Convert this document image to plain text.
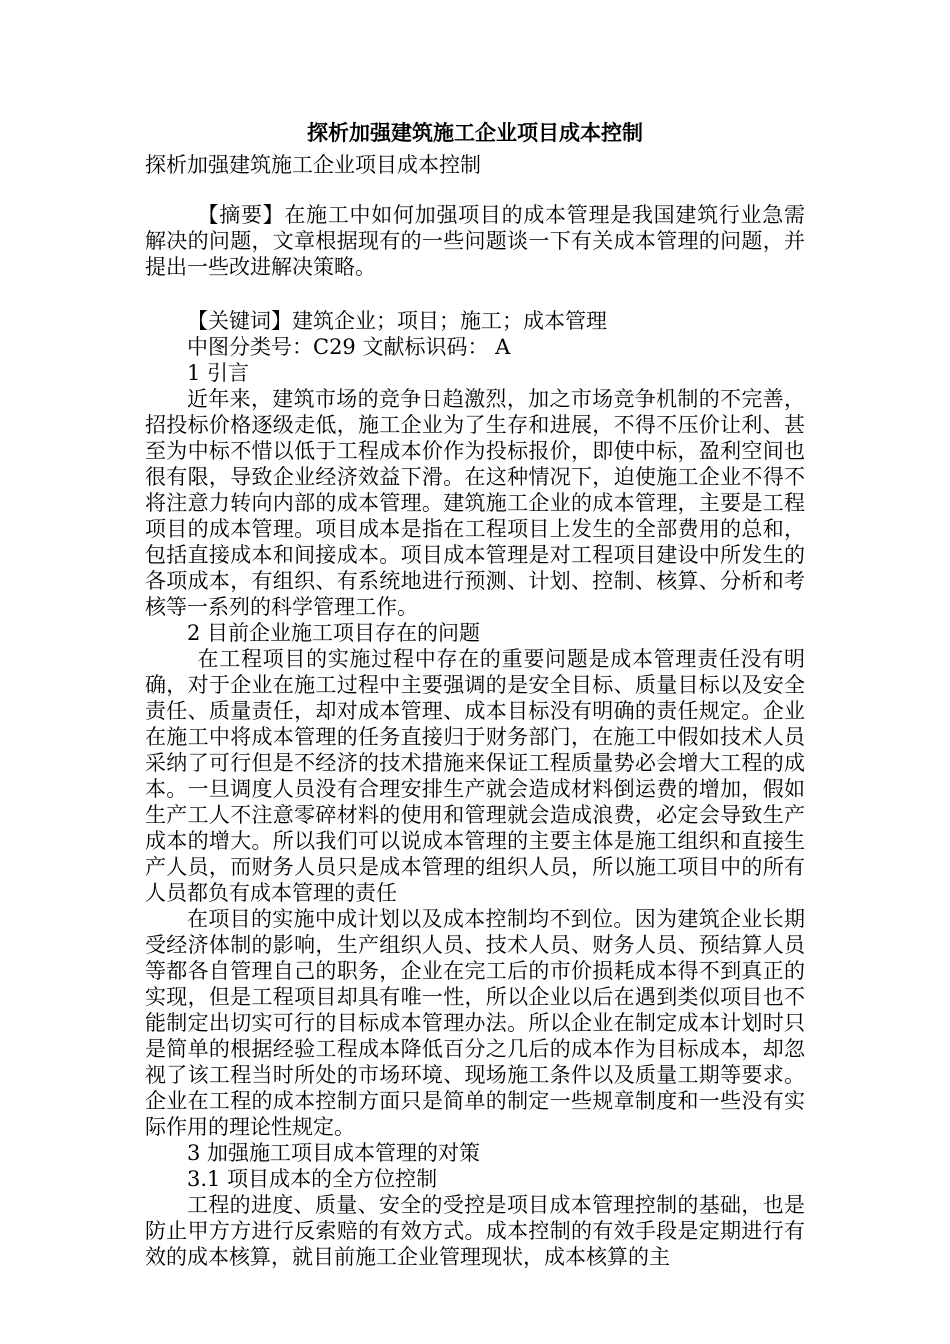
探析加强建筑施工企业项目成本控制

探析加强建筑施工企业项目成本控制

【摘要】在施工中如何加强项目的成本管理是我国建筑行业急需解决的问题，文章根据现有的一些问题谈一下有关成本管理的问题，并提出一些改进解决策略。

【关键词】建筑企业；项目；施工；成本管理

中图分类号：C29 文献标识码： A

1 引言

近年来，建筑市场的竞争日趋激烈，加之市场竞争机制的不完善，招投标价格逐级走低，施工企业为了生存和进展，不得不压价让利、甚至为中标不惜以低于工程成本价作为投标报价，即使中标，盈利空间也很有限，导致企业经济效益下滑。在这种情况下，迫使施工企业不得不将注意力转向内部的成本管理。建筑施工企业的成本管理，主要是工程项目的成本管理。项目成本是指在工程项目上发生的全部费用的总和，包括直接成本和间接成本。项目成本管理是对工程项目建设中所发生的各项成本，有组织、有系统地进行预测、计划、控制、核算、分析和考核等一系列的科学管理工作。

2 目前企业施工项目存在的问题

在工程项目的实施过程中存在的重要问题是成本管理责任没有明确，对于企业在施工过程中主要强调的是安全目标、质量目标以及安全责任、质量责任，却对成本管理、成本目标没有明确的责任规定。企业在施工中将成本管理的任务直接归于财务部门，在施工中假如技术人员采纳了可行但是不经济的技术措施来保证工程质量势必会增大工程的成本。一旦调度人员没有合理安排生产就会造成材料倒运费的增加，假如生产工人不注意零碎材料的使用和管理就会造成浪费，必定会导致生产成本的增大。所以我们可以说成本管理的主要主体是施工组织和直接生产人员，而财务人员只是成本管理的组织人员，所以施工项目中的所有人员都负有成本管理的责任

在项目的实施中成计划以及成本控制均不到位。因为建筑企业长期受经济体制的影响，生产组织人员、技术人员、财务人员、预结算人员等都各自管理自己的职务，企业在完工后的市价损耗成本得不到真正的实现，但是工程项目却具有唯一性，所以企业以后在遇到类似项目也不能制定出切实可行的目标成本管理办法。所以企业在制定成本计划时只是简单的根据经验工程成本降低百分之几后的成本作为目标成本，却忽视了该工程当时所处的市场环境、现场施工条件以及质量工期等要求。企业在工程的成本控制方面只是简单的制定一些规章制度和一些没有实际作用的理论性规定。

3 加强施工项目成本管理的对策

3.1 项目成本的全方位控制

工程的进度、质量、安全的受控是项目成本管理控制的基础，也是防止甲方方进行反索赔的有效方式。成本控制的有效手段是定期进行有效的成本核算，就目前施工企业管理现状，成本核算的主
